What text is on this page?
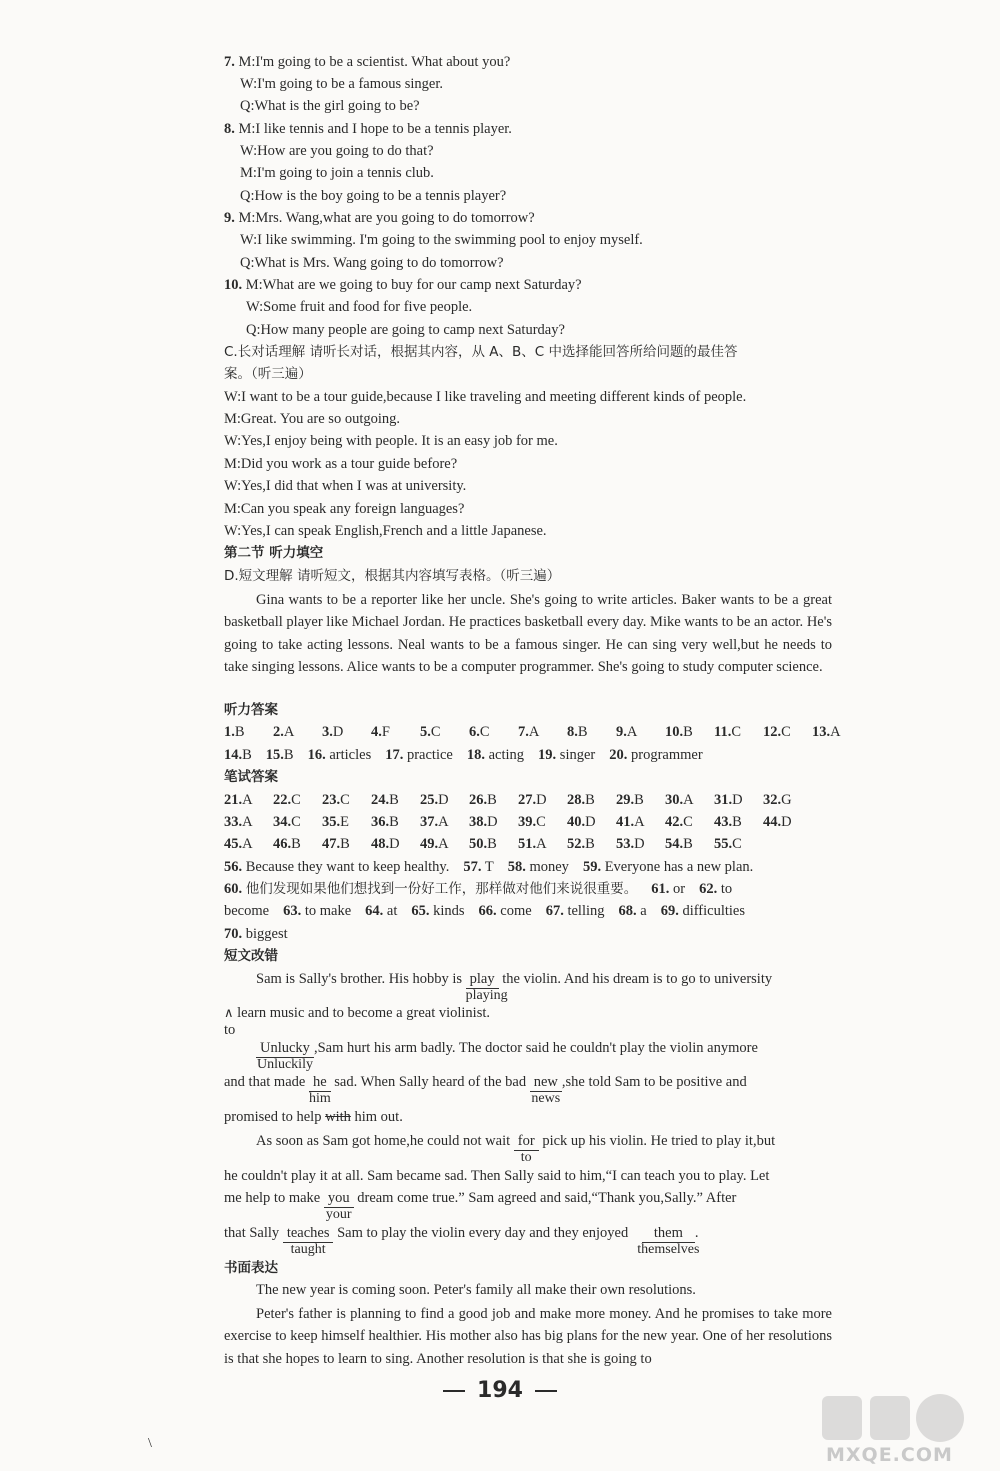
7. M:I'm going to be a scientist. What about you?
W:I'm going to be a famous singer.
Q:What is the girl going to be?
8. M:I like tennis and I hope to be a tennis player.
W:How are you going to do that?
M:I'm going to join a tennis club.
Q:How is the boy going to be a tennis player?
9. M:Mrs. Wang,what are you going to do tomorrow?
W:I like swimming. I'm going to the swimming pool to enjoy myself.
Q:What is Mrs. Wang going to do tomorrow?
10. M:What are we going to buy for our camp next Saturday?
W:Some fruit and food for five people.
Q:How many people are going to camp next Saturday?
C.长对话理解 请听长对话，根据其内容，从 A、B、C 中选择能回答所给问题的最佳答
案。（听三遍）
W:I want to be a tour guide,because I like traveling and meeting different kinds of people.
M:Great. You are so outgoing.
W:Yes,I enjoy being with people. It is an easy job for me.
M:Did you work as a tour guide before?
W:Yes,I did that when I was at university.
M:Can you speak any foreign languages?
W:Yes,I can speak English,French and a little Japanese.
第二节 听力填空
D.短文理解 请听短文，根据其内容填写表格。（听三遍）
Gina wants to be a reporter like her uncle. She's going to write articles. Baker wants to be a great basketball player like Michael Jordan. He practices basketball every day. Mike wants to be an actor. He's going to take acting lessons. Neal wants to be a famous singer. He can sing very well,but he needs to take singing lessons. Alice wants to be a computer programmer. She's going to study computer science.
听力答案
1.B 2.A 3.D 4.F 5.C 6.C 7.A 8.B 9.A 10.B 11.C 12.C 13.A
14.B 15.B 16. articles 17. practice 18. acting 19. singer 20. programmer
笔试答案
21.A 22.C 23.C 24.B 25.D 26.B 27.D 28.B 29.B 30.A 31.D 32.G
33.A 34.C 35.E 36.B 37.A 38.D 39.C 40.D 41.A 42.C 43.B 44.D
45.A 46.B 47.B 48.D 49.A 50.B 51.A 52.B 53.D 54.B 55.C
56. Because they want to keep healthy. 57. T 58. money 59. Everyone has a new plan.
60. 他们发现如果他们想找到一份好工作，那样做对他们来说很重要。 61. or 62. to
become 63. to make 64. at 65. kinds 66. come 67. telling 68. a 69. difficulties
70. biggest
短文改错
Sam is Sally's brother. His hobby is play
playing
the violin. And his dream is to go to university
∧ learn music and to become a great violinist.
to
Unlucky
Unluckily
,Sam hurt his arm badly. The doctor said he couldn't play the violin anymore
and that made he
him
sad. When Sally heard of the bad new
news
,she told Sam to be positive and
promised to help with him out.
As soon as Sam got home,he could not wait for
to
pick up his violin. He tried to play it,but
he couldn't play it at all. Sam became sad. Then Sally said to him,“I can teach you to play. Let
me help to make you
your
dream come true.” Sam agreed and said,“Thank you,Sally.” After
that Sally teaches
taught
Sam to play the violin every day and they enjoyed them
themselves
.
书面表达
The new year is coming soon. Peter's family all make their own resolutions.
Peter's father is planning to find a good job and make more money. And he promises to take more exercise to keep himself healthier. His mother also has big plans for the new year. One of her resolutions is that she hopes to learn to sing. Another resolution is that she is going to
194
\
MXQE.COM
